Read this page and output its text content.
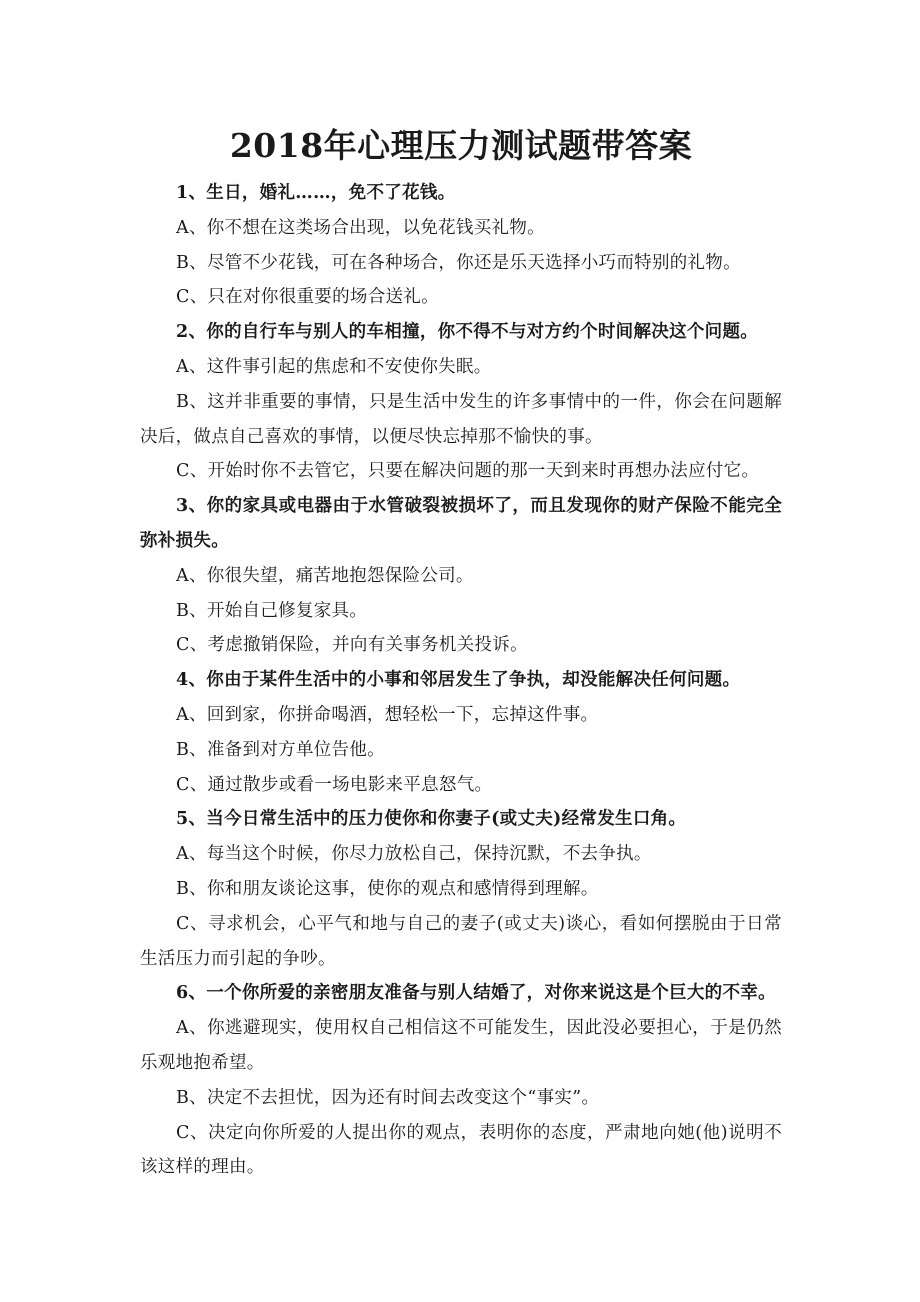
2018年心理压力测试题带答案

1、生日，婚礼……，免不了花钱。

A、你不想在这类场合出现，以免花钱买礼物。

B、尽管不少花钱，可在各种场合，你还是乐天选择小巧而特别的礼物。

C、只在对你很重要的场合送礼。

2、你的自行车与别人的车相撞，你不得不与对方约个时间解决这个问题。

A、这件事引起的焦虑和不安使你失眠。

B、这并非重要的事情，只是生活中发生的许多事情中的一件，你会在问题解决后，做点自己喜欢的事情，以便尽快忘掉那不愉快的事。

C、开始时你不去管它，只要在解决问题的那一天到来时再想办法应付它。

3、你的家具或电器由于水管破裂被损坏了，而且发现你的财产保险不能完全弥补损失。

A、你很失望，痛苦地抱怨保险公司。

B、开始自己修复家具。

C、考虑撤销保险，并向有关事务机关投诉。

4、你由于某件生活中的小事和邻居发生了争执，却没能解决任何问题。

A、回到家，你拼命喝酒，想轻松一下，忘掉这件事。

B、准备到对方单位告他。

C、通过散步或看一场电影来平息怒气。

5、当今日常生活中的压力使你和你妻子(或丈夫)经常发生口角。

A、每当这个时候，你尽力放松自己，保持沉默，不去争执。

B、你和朋友谈论这事，使你的观点和感情得到理解。

C、寻求机会，心平气和地与自己的妻子(或丈夫)谈心，看如何摆脱由于日常生活压力而引起的争吵。

6、一个你所爱的亲密朋友准备与别人结婚了，对你来说这是个巨大的不幸。

A、你逃避现实，使用权自己相信这不可能发生，因此没必要担心，于是仍然乐观地抱希望。

B、决定不去担忧，因为还有时间去改变这个“事实”。

C、决定向你所爱的人提出你的观点，表明你的态度，严肃地向她(他)说明不该这样的理由。
